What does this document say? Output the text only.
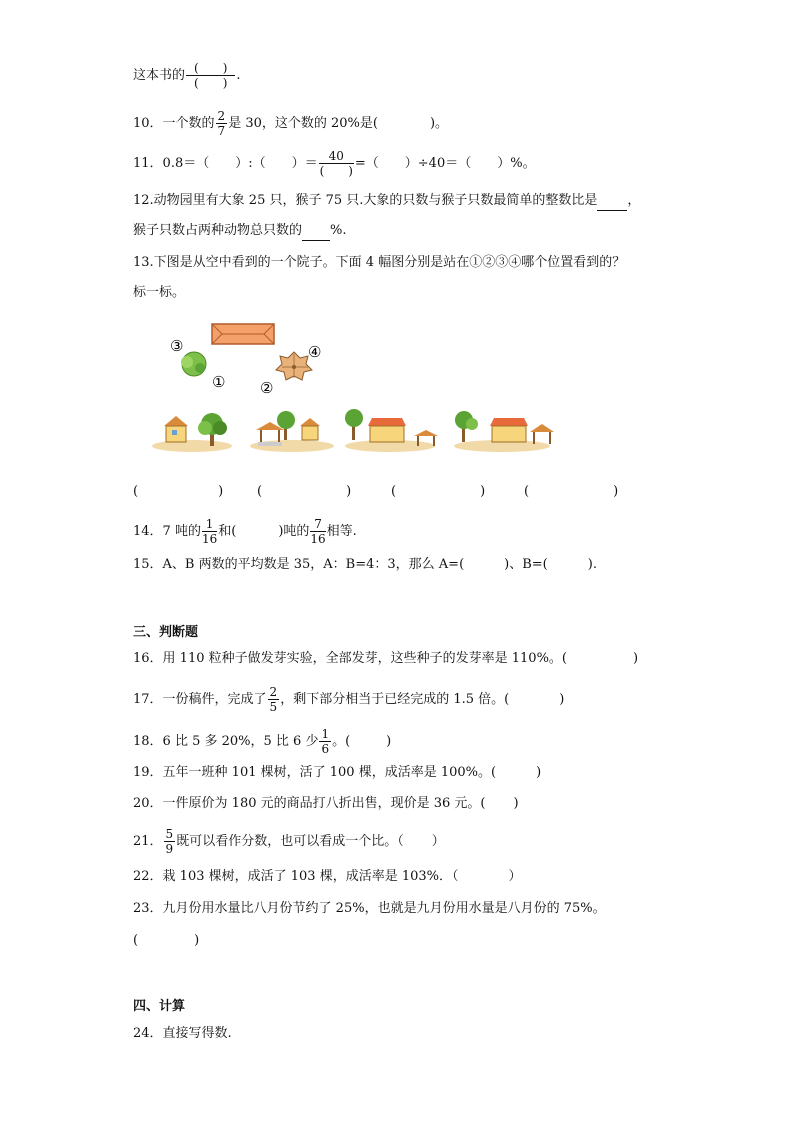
这本书的 $\frac{( )}{( )}$ .
10．一个数的 $\frac{2}{7}$ 是 30，这个数的 20%是(	)。
11．0.8＝（　　）:（　　）＝ $\frac{40}{( )}$ =（　　）÷40＝（　　）%。
12.动物园里有大象 25 只，猴子 75 只.大象的只数与猴子只数最简单的整数比是 ，
猴子只数占两种动物总只数的 %.
13.下图是从空中看到的一个院子。下面 4 幅图分别是站在①②③④哪个位置看到的？
标一标。
③
① ②
④
(	)	(	)	(	)	(	)
14．7 吨的 $\frac{1}{16}$ 和(	)吨的 $\frac{7}{16}$ 相等.
15．A、B 两数的平均数是 35，A：B=4：3，那么 A=(	)、B=(	).
三、判断题
16．用 110 粒种子做发芽实验，全部发芽，这些种子的发芽率是 110%。(	)
17．一份稿件，完成了 $\frac{2}{5}$ ，剩下部分相当于已经完成的 1.5 倍。(	)
18．6 比 5 多 20%，5 比 6 少 $\frac{1}{6}$ 。(	)
19．五年一班种 101 棵树，活了 100 棵，成活率是 100%。(	)
20．一件原价为 180 元的商品打八折出售，现价是 36 元。( )
21． $\frac{5}{9}$ 既可以看作分数，也可以看成一个比。（ ）
22．栽 103 棵树，成活了 103 棵，成活率是 103%．（	）
23．九月份用水量比八月份节约了 25%，也就是九月份用水量是八月份的 75%。
(	)
四、计算
24．直接写得数.
